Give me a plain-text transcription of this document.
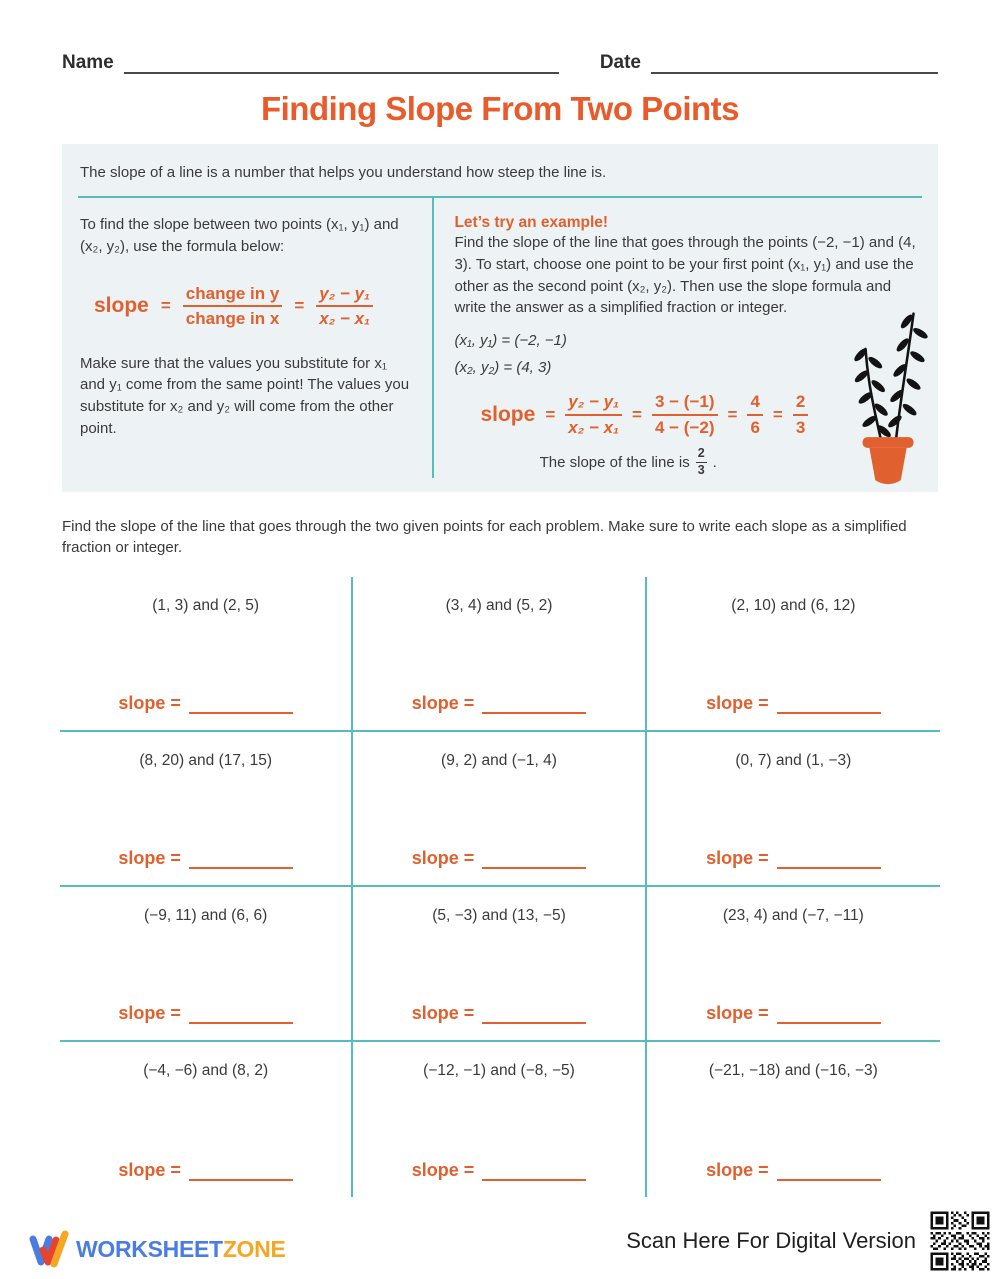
Name	Date
Finding Slope From Two Points

The slope of a line is a number that helps you understand how steep the line is.

To find the slope between two points (x₁, y₁) and (x₂, y₂), use the formula below:

slope = $\frac{\text{change in y}}{\text{change in x}} = \frac{\text{y₂ − y₁}}{\text{x₂ − x₁}}$

Make sure that the values you substitute for x₁ and y₁ come from the same point! The values you substitute for x₂ and y₂ will come from the other point.

Let’s try an example!

Find the slope of the line that goes through the points (−2, −1) and (4, 3). To start, choose one point to be your first point (x₁, y₁) and use the other as the second point (x₂, y₂). Then use the slope formula and write the answer as a simplified fraction or integer.

(x₁, y₁) = (−2, −1)
(x₂, y₂) = (4, 3)
slope = $\frac{\text{y₂ − y₁}}{\text{x₂ − x₁}} = \frac{3 - (-1)}{4 - (-2)} = \frac{4}{6} = \frac{2}{3}$
The slope of the line is $\frac{2}{3}$ .

Find the slope of the line that goes through the two given points for each problem. Make sure to write each slope as a simplified fraction or integer.

(1, 3) and (2, 5)
slope =
(3, 4) and (5, 2)
slope =
(2, 10) and (6, 12)
slope =
(8, 20) and (17, 15)
slope =
(9, 2) and (−1, 4)
slope =
(0, 7) and (1, −3)
slope =
(−9, 11) and (6, 6)
slope =
(5, −3) and (13, −5)
slope =
(23, 4) and (−7, −11)
slope =
(−4, −6) and (8, 2)
slope =
(−12, −1) and (−8, −5)
slope =
(−21, −18) and (−16, −3)
slope =
WORKSHEETZONE	Scan Here For Digital Version
